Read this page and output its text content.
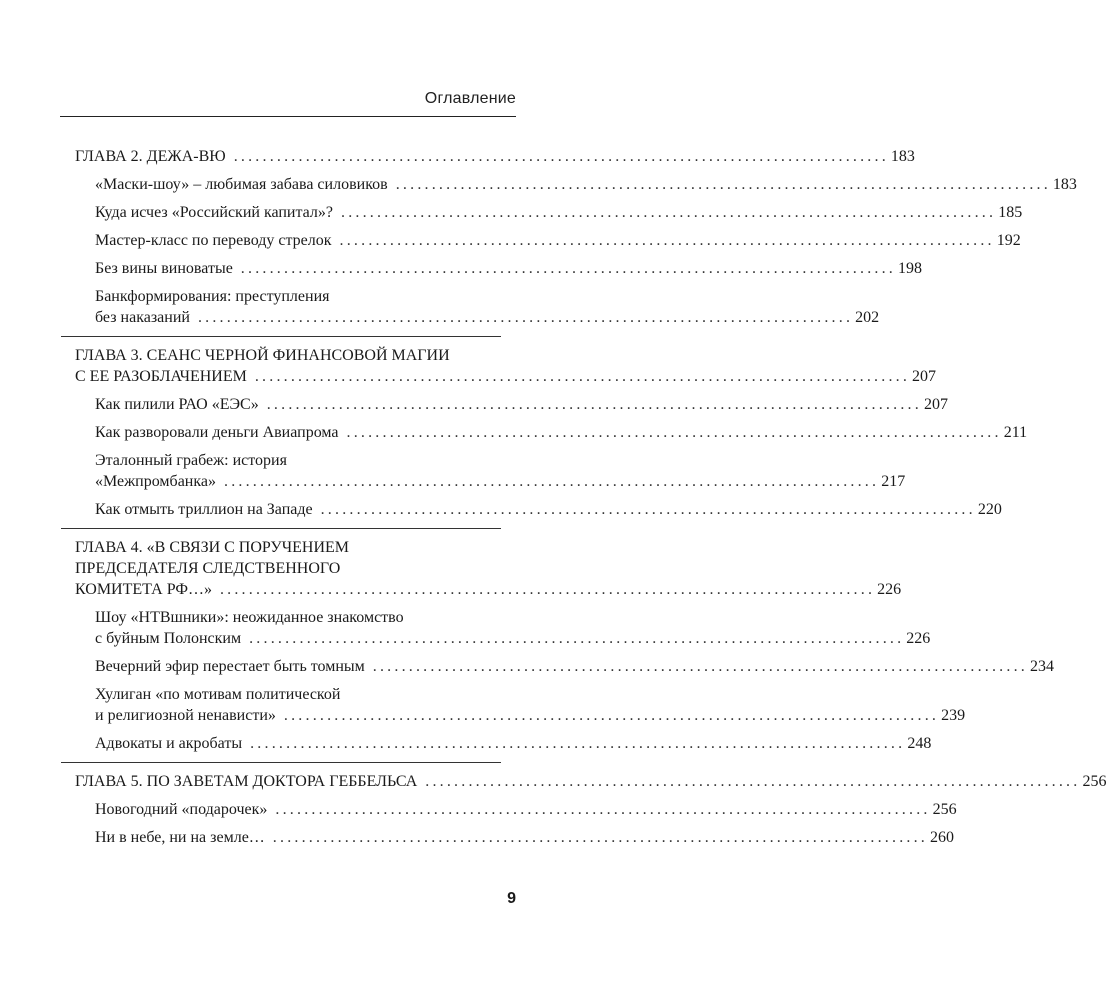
Оглавление
ГЛАВА 2. ДЕЖА-ВЮ ........................................................................................... 183
«Маски-шоу» – любимая забава силовиков ........................................................................................... 183
Куда исчез «Российский капитал»? ........................................................................................... 185
Мастер-класс по переводу стрелок ........................................................................................... 192
Без вины виноватые ........................................................................................... 198
Банкформирования: преступления
без наказаний ........................................................................................... 202
ГЛАВА 3. СЕАНС ЧЕРНОЙ ФИНАНСОВОЙ МАГИИ
С ЕЕ РАЗОБЛАЧЕНИЕМ ........................................................................................... 207
Как пилили РАО «ЕЭС» ........................................................................................... 207
Как разворовали деньги Авиапрома ........................................................................................... 211
Эталонный грабеж: история
«Межпромбанка» ........................................................................................... 217
Как отмыть триллион на Западе ........................................................................................... 220
ГЛАВА 4. «В СВЯЗИ С ПОРУЧЕНИЕМ
ПРЕДСЕДАТЕЛЯ СЛЕДСТВЕННОГО
КОМИТЕТА РФ…» ........................................................................................... 226
Шоу «НТВшники»: неожиданное знакомство
с буйным Полонским ........................................................................................... 226
Вечерний эфир перестает быть томным ........................................................................................... 234
Хулиган «по мотивам политической
и религиозной ненависти» ........................................................................................... 239
Адвокаты и акробаты ........................................................................................... 248
ГЛАВА 5. ПО ЗАВЕТАМ ДОКТОРА ГЕББЕЛЬСА ........................................................................................... 256
Новогодний «подарочек» ........................................................................................... 256
Ни в небе, ни на земле… ........................................................................................... 260
9
